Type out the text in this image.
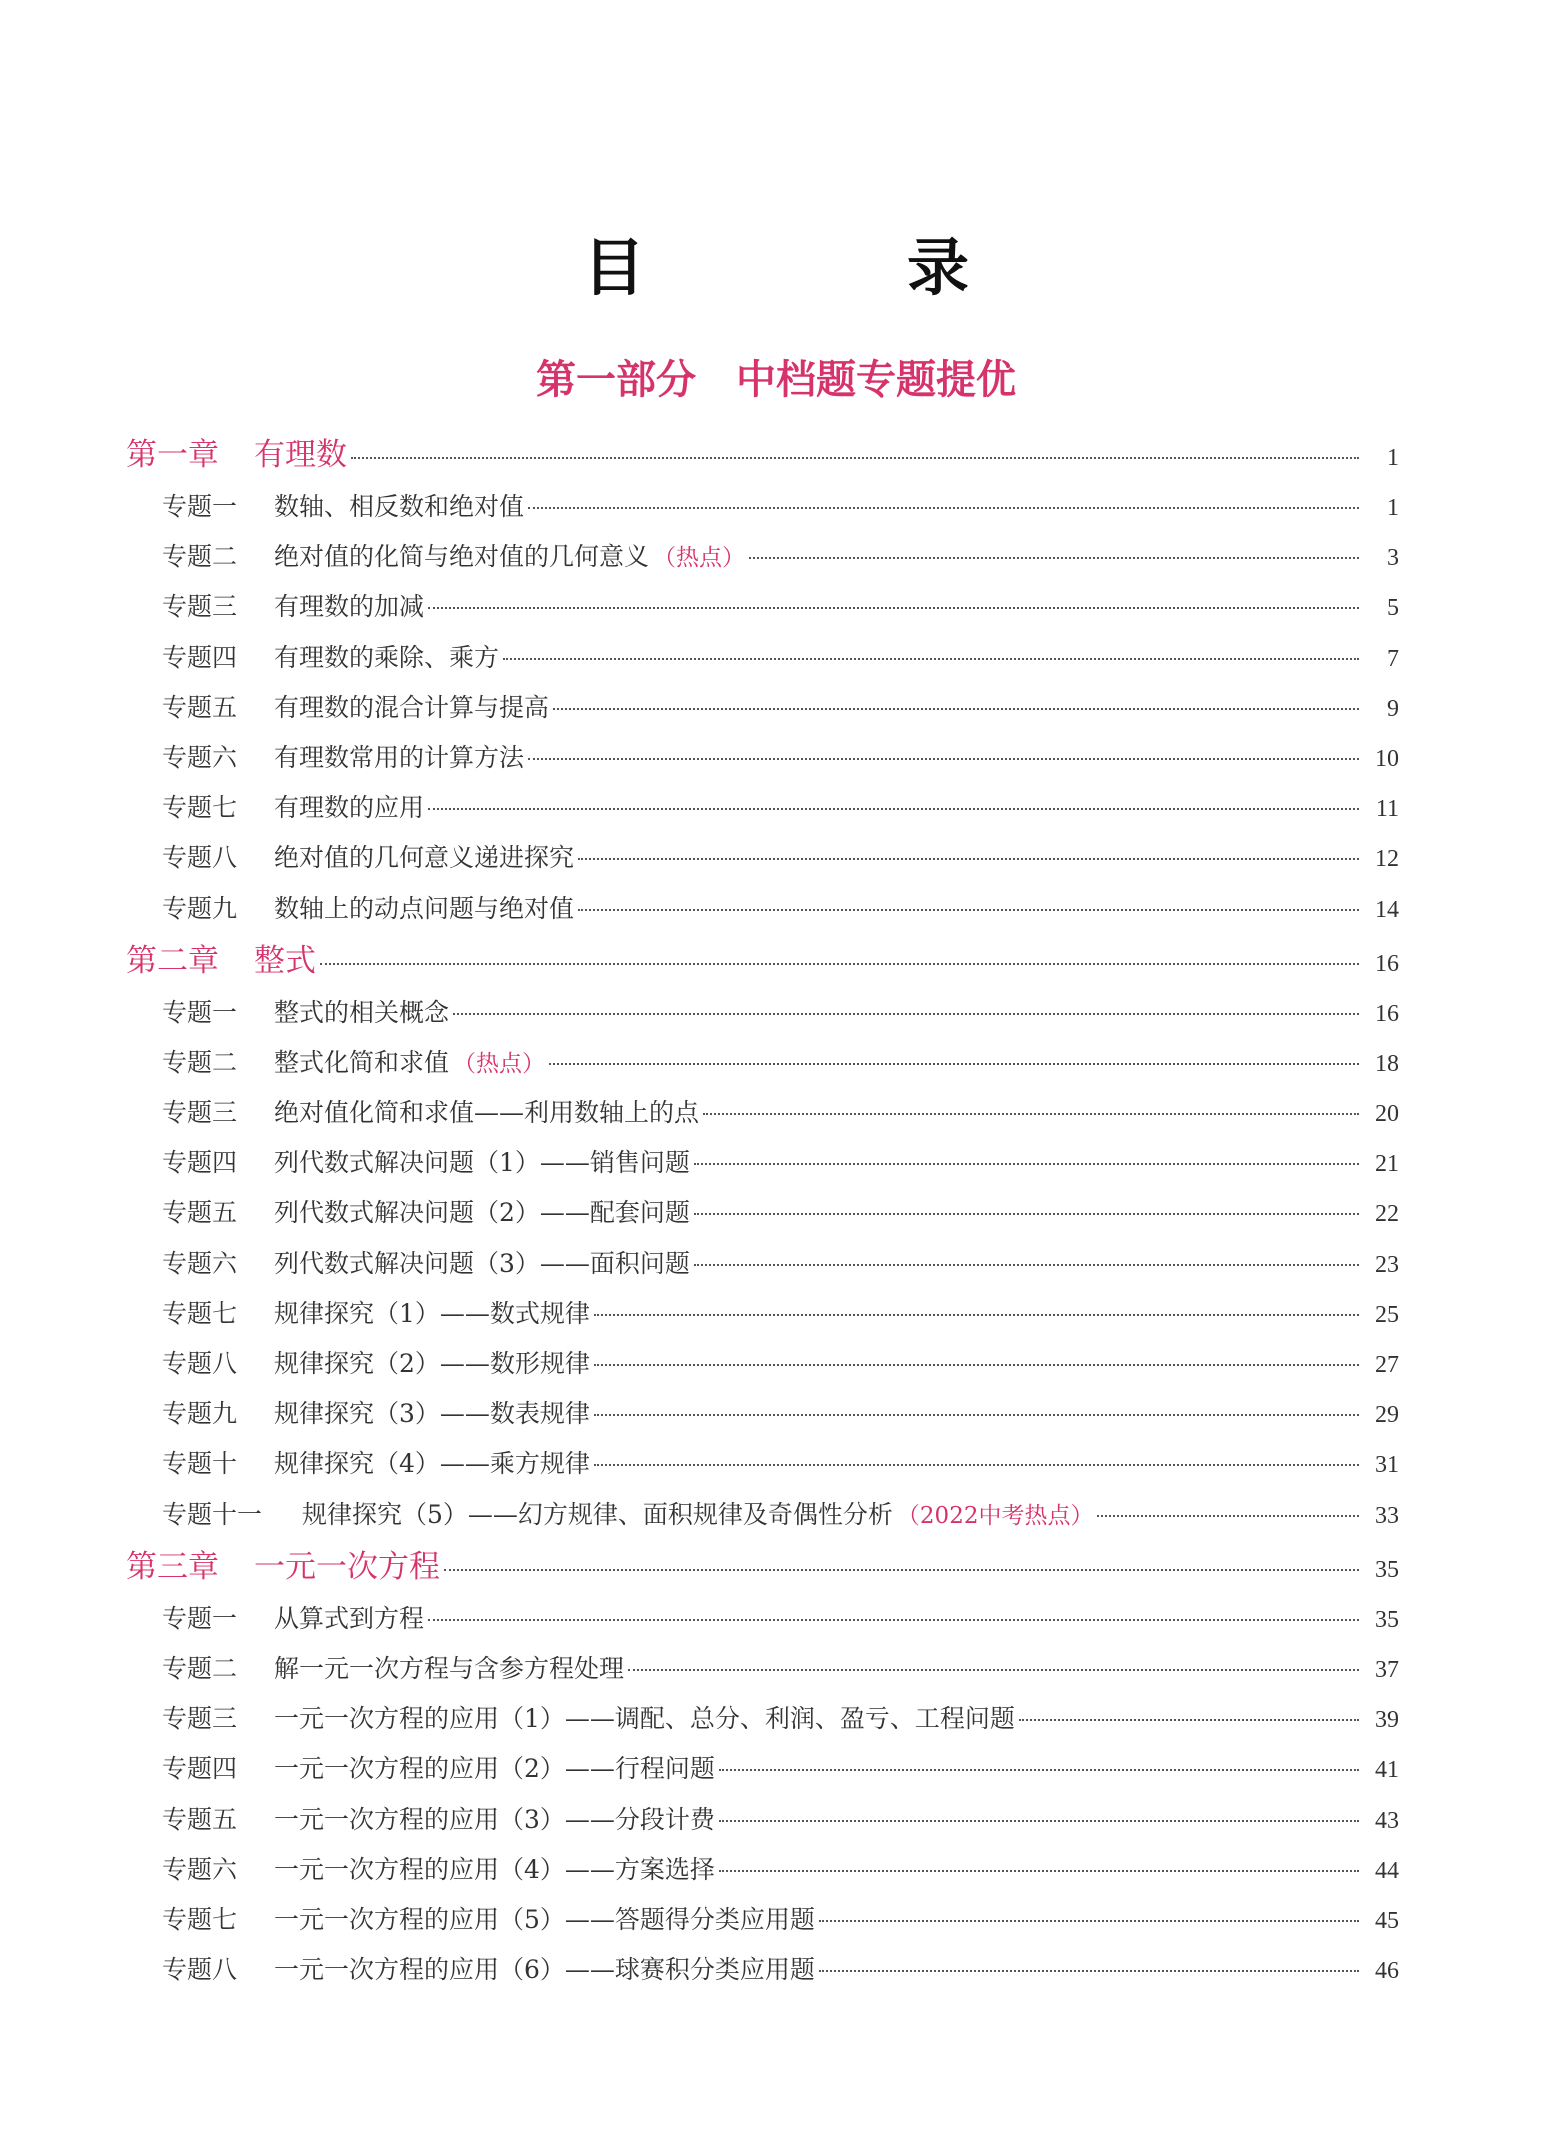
目　录
第一部分　中档题专题提优
第一章	有理数	1
专题一	数轴、相反数和绝对值	1
专题二	绝对值的化简与绝对值的几何意义 （热点）	3
专题三	有理数的加减	5
专题四	有理数的乘除、乘方	7
专题五	有理数的混合计算与提高	9
专题六	有理数常用的计算方法	10
专题七	有理数的应用	11
专题八	绝对值的几何意义递进探究	12
专题九	数轴上的动点问题与绝对值	14
第二章	整式	16
专题一	整式的相关概念	16
专题二	整式化简和求值 （热点）	18
专题三	绝对值化简和求值——利用数轴上的点	20
专题四	列代数式解决问题（1）——销售问题	21
专题五	列代数式解决问题（2）——配套问题	22
专题六	列代数式解决问题（3）——面积问题	23
专题七	规律探究（1）——数式规律	25
专题八	规律探究（2）——数形规律	27
专题九	规律探究（3）——数表规律	29
专题十	规律探究（4）——乘方规律	31
专题十一	规律探究（5）——幻方规律、面积规律及奇偶性分析 （2022中考热点）	33
第三章	一元一次方程	35
专题一	从算式到方程	35
专题二	解一元一次方程与含参方程处理	37
专题三	一元一次方程的应用（1）——调配、总分、利润、盈亏、工程问题	39
专题四	一元一次方程的应用（2）——行程问题	41
专题五	一元一次方程的应用（3）——分段计费	43
专题六	一元一次方程的应用（4）——方案选择	44
专题七	一元一次方程的应用（5）——答题得分类应用题	45
专题八	一元一次方程的应用（6）——球赛积分类应用题	46
